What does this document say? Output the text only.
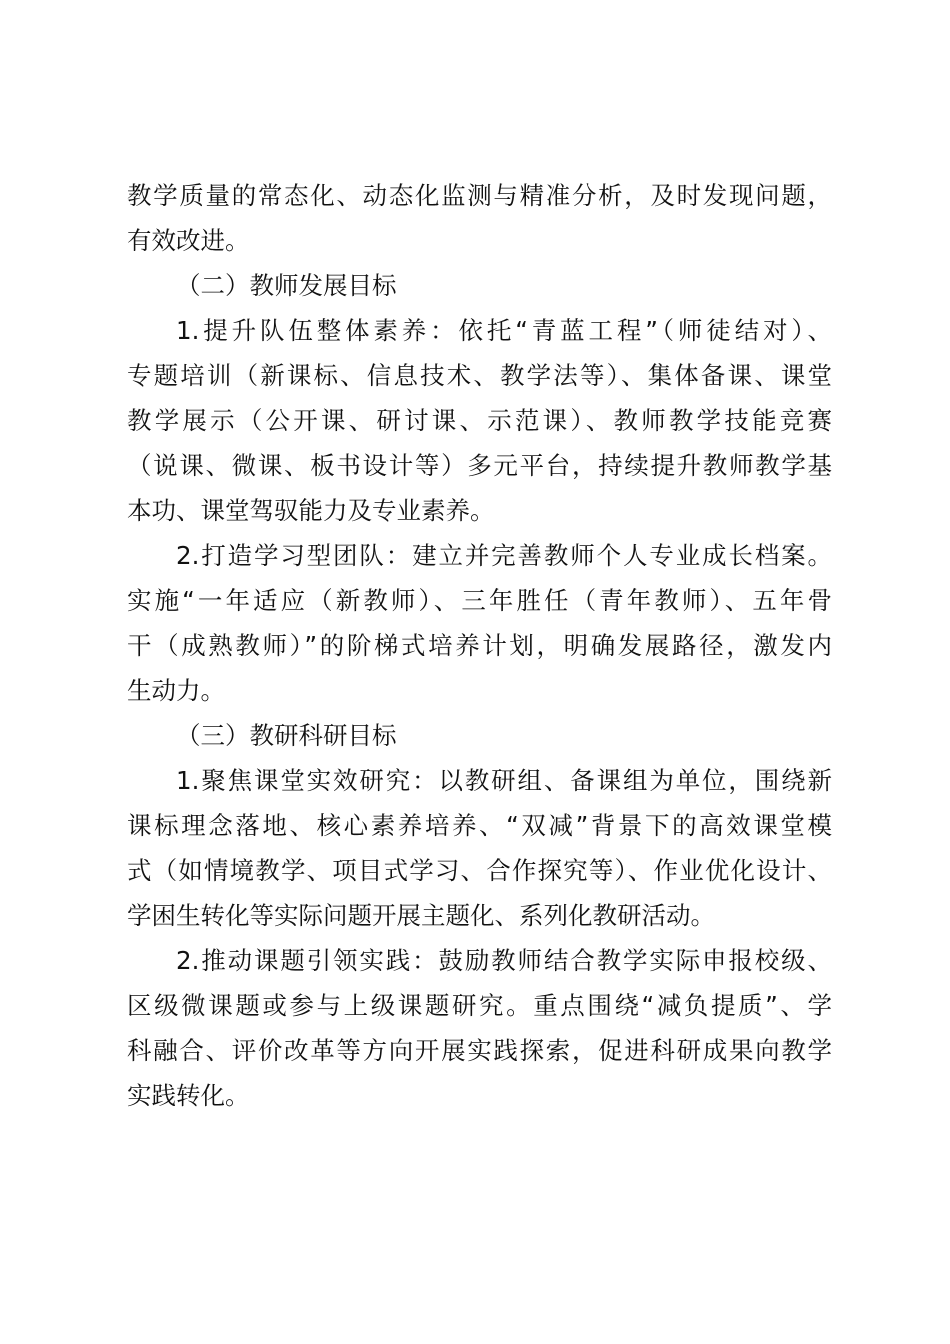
教学质量的常态化、动态化监测与精准分析，及时发现问题，
有效改进。
（二）教师发展目标
1.提升队伍整体素养：依托“青蓝工程”（师徒结对）、
专题培训（新课标、信息技术、教学法等）、集体备课、课堂
教学展示（公开课、研讨课、示范课）、教师教学技能竞赛
（说课、微课、板书设计等）多元平台，持续提升教师教学基
本功、课堂驾驭能力及专业素养。
2.打造学习型团队：建立并完善教师个人专业成长档案。
实施“一年适应（新教师）、三年胜任（青年教师）、五年骨
干（成熟教师）”的阶梯式培养计划，明确发展路径，激发内
生动力。
（三）教研科研目标
1.聚焦课堂实效研究：以教研组、备课组为单位，围绕新
课标理念落地、核心素养培养、“双减”背景下的高效课堂模
式（如情境教学、项目式学习、合作探究等）、作业优化设计、
学困生转化等实际问题开展主题化、系列化教研活动。
2.推动课题引领实践：鼓励教师结合教学实际申报校级、
区级微课题或参与上级课题研究。重点围绕“减负提质”、学
科融合、评价改革等方向开展实践探索，促进科研成果向教学
实践转化。
